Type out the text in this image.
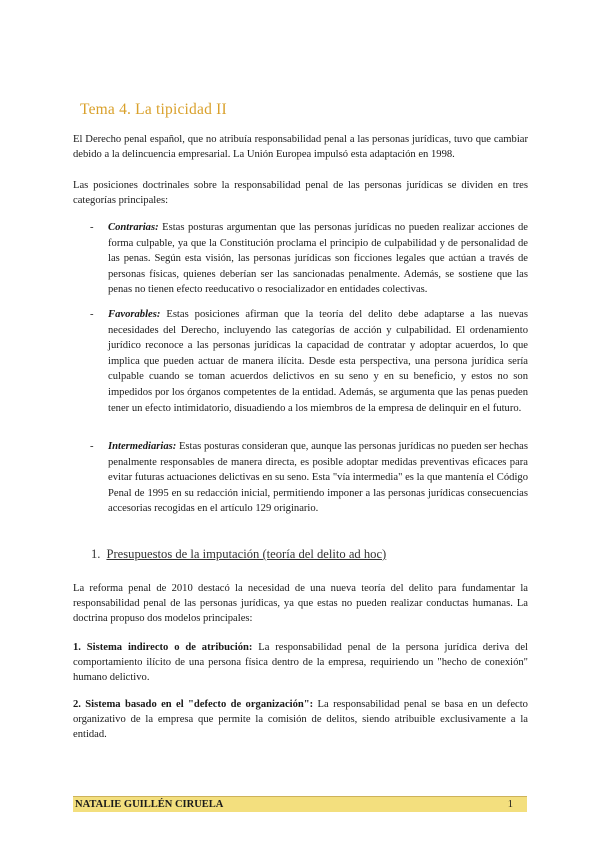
Tema 4. La tipicidad II

El Derecho penal español, que no atribuía responsabilidad penal a las personas jurídicas, tuvo que cambiar debido a la delincuencia empresarial. La Unión Europea impulsó esta adaptación en 1998.

Las posiciones doctrinales sobre la responsabilidad penal de las personas jurídicas se dividen en tres categorías principales:

- Contrarias: Estas posturas argumentan que las personas jurídicas no pueden realizar acciones de forma culpable, ya que la Constitución proclama el principio de culpabilidad y de personalidad de las penas. Según esta visión, las personas jurídicas son ficciones legales que actúan a través de personas físicas, quienes deberían ser las sancionadas penalmente. Además, se sostiene que las penas no tienen efecto reeducativo o resocializador en entidades colectivas.
- Favorables: Estas posiciones afirman que la teoría del delito debe adaptarse a las nuevas necesidades del Derecho, incluyendo las categorías de acción y culpabilidad. El ordenamiento jurídico reconoce a las personas jurídicas la capacidad de contratar y adoptar acuerdos, lo que implica que pueden actuar de manera ilícita. Desde esta perspectiva, una persona jurídica sería culpable cuando se toman acuerdos delictivos en su seno y en su beneficio, y estos no son impedidos por los órganos competentes de la entidad. Además, se argumenta que las penas pueden tener un efecto intimidatorio, disuadiendo a los miembros de la empresa de delinquir en el futuro.
- Intermediarias: Estas posturas consideran que, aunque las personas jurídicas no pueden ser hechas penalmente responsables de manera directa, es posible adoptar medidas preventivas eficaces para evitar futuras actuaciones delictivas en su seno. Esta "vía intermedia" es la que mantenía el Código Penal de 1995 en su redacción inicial, permitiendo imponer a las personas jurídicas consecuencias accesorias recogidas en el artículo 129 originario.
1. Presupuestos de la imputación (teoría del delito ad hoc)

La reforma penal de 2010 destacó la necesidad de una nueva teoría del delito para fundamentar la responsabilidad penal de las personas jurídicas, ya que estas no pueden realizar conductas humanas. La doctrina propuso dos modelos principales:

1. Sistema indirecto o de atribución: La responsabilidad penal de la persona jurídica deriva del comportamiento ilícito de una persona física dentro de la empresa, requiriendo un "hecho de conexión" humano delictivo.

2. Sistema basado en el "defecto de organización": La responsabilidad penal se basa en un defecto organizativo de la empresa que permite la comisión de delitos, siendo atribuible exclusivamente a la entidad.

NATALIE GUILLÉN CIRUELA	1
